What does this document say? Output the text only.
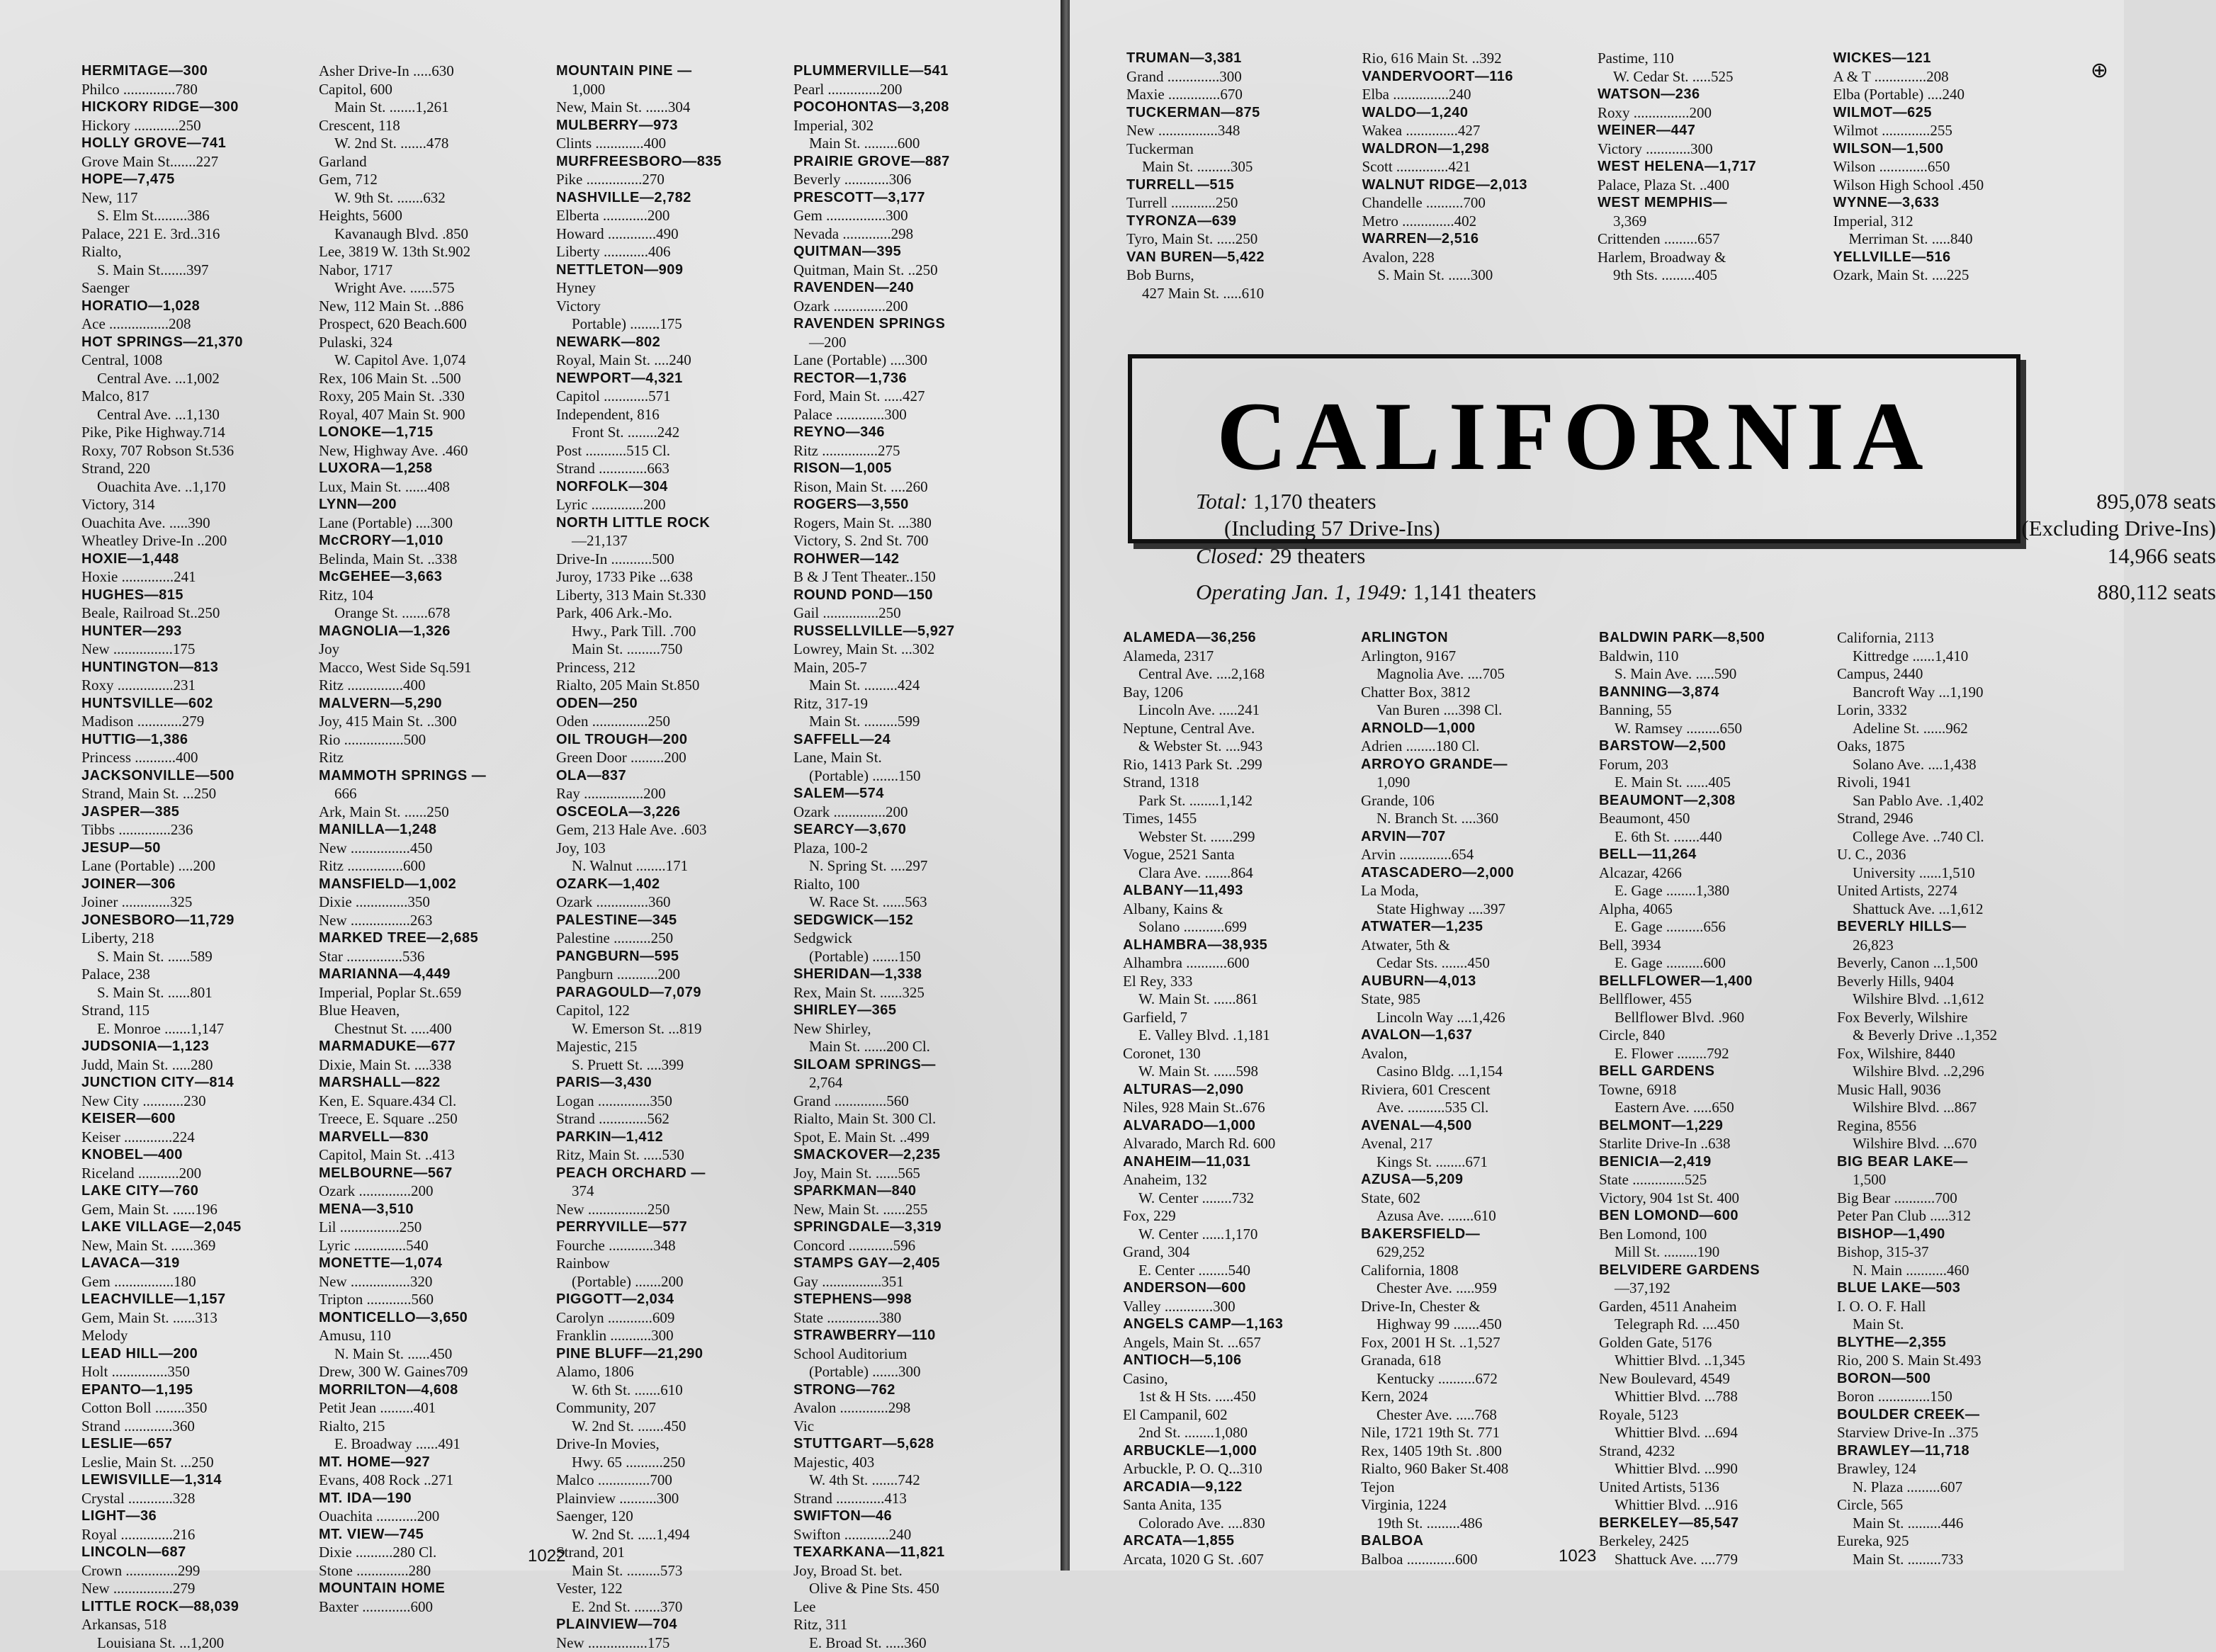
HERMITAGE—300
Philco ..............780
HICKORY RIDGE—300
Hickory ............250
HOLLY GROVE—741
Grove Main St.......227
HOPE—7,475
New, 117
S. Elm St.........386
Palace, 221 E. 3rd..316
Rialto,
S. Main St.......397
Saenger
HORATIO—1,028
Ace ................208
HOT SPRINGS—21,370
Central, 1008
Central Ave. ...1,002
Malco, 817
Central Ave. ...1,130
Pike, Pike Highway.714
Roxy, 707 Robson St.536
Strand, 220
Ouachita Ave. ..1,170
Victory, 314
Ouachita Ave. .....390
Wheatley Drive-In ..200
HOXIE—1,448
Hoxie ..............241
HUGHES—815
Beale, Railroad St..250
HUNTER—293
New ................175
HUNTINGTON—813
Roxy ...............231
HUNTSVILLE—602
Madison ............279
HUTTIG—1,386
Princess ...........400
JACKSONVILLE—500
Strand, Main St. ...250
JASPER—385
Tibbs ..............236
JESUP—50
Lane (Portable) ....200
JOINER—306
Joiner .............325
JONESBORO—11,729
Liberty, 218
S. Main St. ......589
Palace, 238
S. Main St. ......801
Strand, 115
E. Monroe .......1,147
JUDSONIA—1,123
Judd, Main St. .....280
JUNCTION CITY—814
New City ...........230
KEISER—600
Keiser .............224
KNOBEL—400
Riceland ...........200
LAKE CITY—760
Gem, Main St. ......196
LAKE VILLAGE—2,045
New, Main St. ......369
LAVACA—319
Gem ................180
LEACHVILLE—1,157
Gem, Main St. ......313
Melody
LEAD HILL—200
Holt ...............350
EPANTO—1,195
Cotton Boll ........350
Strand .............360
LESLIE—657
Leslie, Main St. ...250
LEWISVILLE—1,314
Crystal ............328
LIGHT—36
Royal ..............216
LINCOLN—687
Crown ..............299
New ................279
LITTLE ROCK—88,039
Arkansas, 518
Louisiana St. ...1,200
Asher Drive-In .....630
Capitol, 600
Main St. .......1,261
Crescent, 118
W. 2nd St. .......478
Garland
Gem, 712
W. 9th St. .......632
Heights, 5600
Kavanaugh Blvd. .850
Lee, 3819 W. 13th St.902
Nabor, 1717
Wright Ave. ......575
New, 112 Main St. ..886
Prospect, 620 Beach.600
Pulaski, 324
W. Capitol Ave. 1,074
Rex, 106 Main St. ..500
Roxy, 205 Main St. .330
Royal, 407 Main St. 900
LONOKE—1,715
New, Highway Ave. .460
LUXORA—1,258
Lux, Main St. ......408
LYNN—200
Lane (Portable) ....300
McCRORY—1,010
Belinda, Main St. ..338
McGEHEE—3,663
Ritz, 104
Orange St. .......678
MAGNOLIA—1,326
Joy
Macco, West Side Sq.591
Ritz ...............400
MALVERN—5,290
Joy, 415 Main St. ..300
Rio ................500
Ritz
MAMMOTH SPRINGS —
666
Ark, Main St. ......250
MANILLA—1,248
New ................450
Ritz ...............600
MANSFIELD—1,002
Dixie ..............350
New ................263
MARKED TREE—2,685
Star ...............536
MARIANNA—4,449
Imperial, Poplar St..659
Blue Heaven,
Chestnut St. .....400
MARMADUKE—677
Dixie, Main St. ....338
MARSHALL—822
Ken, E. Square.434 Cl.
Treece, E. Square ..250
MARVELL—830
Capitol, Main St. ..413
MELBOURNE—567
Ozark ..............200
MENA—3,510
Lil ................250
Lyric ..............540
MONETTE—1,074
New ................320
Tripton ............560
MONTICELLO—3,650
Amusu, 110
N. Main St. ......450
Drew, 300 W. Gaines709
MORRILTON—4,608
Petit Jean .........401
Rialto, 215
E. Broadway ......491
MT. HOME—927
Evans, 408 Rock ..271
MT. IDA—190
Ouachita ...........200
MT. VIEW—745
Dixie ..........280 Cl.
Stone ..............280
MOUNTAIN HOME
Baxter .............600
MOUNTAIN PINE —
1,000
New, Main St. ......304
MULBERRY—973
Clints .............400
MURFREESBORO—835
Pike ...............270
NASHVILLE—2,782
Elberta ............200
Howard .............490
Liberty ............406
NETTLETON—909
Hyney
Victory
Portable) ........175
NEWARK—802
Royal, Main St. ....240
NEWPORT—4,321
Capitol ............571
Independent, 816
Front St. ........242
Post ...........515 Cl.
Strand .............663
NORFOLK—304
Lyric ..............200
NORTH LITTLE ROCK
—21,137
Drive-In ...........500
Juroy, 1733 Pike ...638
Liberty, 313 Main St.330
Park, 406 Ark.-Mo.
Hwy., Park Till. .700
Main St. .........750
Princess, 212
Rialto, 205 Main St.850
ODEN—250
Oden ...............250
OIL TROUGH—200
Green Door .........200
OLA—837
Ray ................200
OSCEOLA—3,226
Gem, 213 Hale Ave. .603
Joy, 103
N. Walnut ........171
OZARK—1,402
Ozark ..............360
PALESTINE—345
Palestine ..........250
PANGBURN—595
Pangburn ...........200
PARAGOULD—7,079
Capitol, 122
W. Emerson St. ...819
Majestic, 215
S. Pruett St. ....399
PARIS—3,430
Logan ..............350
Strand .............562
PARKIN—1,412
Ritz, Main St. .....530
PEACH ORCHARD —
374
New ................250
PERRYVILLE—577
Fourche ............348
Rainbow
(Portable) .......200
PIGGOTT—2,034
Carolyn ............609
Franklin ...........300
PINE BLUFF—21,290
Alamo, 1806
W. 6th St. .......610
Community, 207
W. 2nd St. .......450
Drive-In Movies,
Hwy. 65 ..........250
Malco ..............700
Plainview ..........300
Saenger, 120
W. 2nd St. .....1,494
Strand, 201
Main St. .........573
Vester, 122
E. 2nd St. .......370
PLAINVIEW—704
New ................175
PLUMMERVILLE—541
Pearl ..............200
POCOHONTAS—3,208
Imperial, 302
Main St. .........600
PRAIRIE GROVE—887
Beverly ............306
PRESCOTT—3,177
Gem ................300
Nevada .............298
QUITMAN—395
Quitman, Main St. ..250
RAVENDEN—240
Ozark ..............200
RAVENDEN SPRINGS
—200
Lane (Portable) ....300
RECTOR—1,736
Ford, Main St. .....427
Palace .............300
REYNO—346
Ritz ...............275
RISON—1,005
Rison, Main St. ....260
ROGERS—3,550
Rogers, Main St. ...380
Victory, S. 2nd St. 700
ROHWER—142
B & J Tent Theater..150
ROUND POND—150
Gail ...............250
RUSSELLVILLE—5,927
Lowrey, Main St. ...302
Main, 205-7
Main St. .........424
Ritz, 317-19
Main St. .........599
SAFFELL—24
Lane, Main St.
(Portable) .......150
SALEM—574
Ozark ..............200
SEARCY—3,670
Plaza, 100-2
N. Spring St. ....297
Rialto, 100
W. Race St. ......563
SEDGWICK—152
Sedgwick
(Portable) .......150
SHERIDAN—1,338
Rex, Main St. ......325
SHIRLEY—365
New Shirley,
Main St. ......200 Cl.
SILOAM SPRINGS—
2,764
Grand ..............560
Rialto, Main St. 300 Cl.
Spot, E. Main St. ..499
SMACKOVER—2,235
Joy, Main St. ......565
SPARKMAN—840
New, Main St. ......255
SPRINGDALE—3,319
Concord ............596
STAMPS GAY—2,405
Gay ................351
STEPHENS—998
State ..............380
STRAWBERRY—110
School Auditorium
(Portable) .......300
STRONG—762
Avalon .............298
Vic
STUTTGART—5,628
Majestic, 403
W. 4th St. .......742
Strand .............413
SWIFTON—46
Swifton ............240
TEXARKANA—11,821
Joy, Broad St. bet.
Olive & Pine Sts. 450
Lee
Ritz, 311
E. Broad St. .....360
1022
⊕
TRUMAN—3,381
Grand ..............300
Maxie ..............670
TUCKERMAN—875
New ................348
Tuckerman
Main St. .........305
TURRELL—515
Turrell ............250
TYRONZA—639
Tyro, Main St. .....250
VAN BUREN—5,422
Bob Burns,
427 Main St. .....610
Rio, 616 Main St. ..392
VANDERVOORT—116
Elba ...............240
WALDO—1,240
Wakea ..............427
WALDRON—1,298
Scott ..............421
WALNUT RIDGE—2,013
Chandelle ..........700
Metro ..............402
WARREN—2,516
Avalon, 228
S. Main St. ......300
Pastime, 110
W. Cedar St. .....525
WATSON—236
Roxy ...............200
WEINER—447
Victory ............300
WEST HELENA—1,717
Palace, Plaza St. ..400
WEST MEMPHIS—
3,369
Crittenden .........657
Harlem, Broadway &
9th Sts. .........405
WICKES—121
A & T ..............208
Elba (Portable) ....240
WILMOT—625
Wilmot .............255
WILSON—1,500
Wilson .............650
Wilson High School .450
WYNNE—3,633
Imperial, 312
Merriman St. .....840
YELLVILLE—516
Ozark, Main St. ....225
CALIFORNIA
Total: 1,170 theaters	895,078 seats
(Including 57 Drive-Ins)	(Excluding Drive-Ins)
Closed: 29 theaters	14,966 seats
Operating Jan. 1, 1949: 1,141 theaters	880,112 seats
ALAMEDA—36,256
Alameda, 2317
Central Ave. ....2,168
Bay, 1206
Lincoln Ave. .....241
Neptune, Central Ave.
& Webster St. ....943
Rio, 1413 Park St. .299
Strand, 1318
Park St. ........1,142
Times, 1455
Webster St. ......299
Vogue, 2521 Santa
Clara Ave. .......864
ALBANY—11,493
Albany, Kains &
Solano ...........699
ALHAMBRA—38,935
Alhambra ...........600
El Rey, 333
W. Main St. ......861
Garfield, 7
E. Valley Blvd. .1,181
Coronet, 130
W. Main St. ......598
ALTURAS—2,090
Niles, 928 Main St..676
ALVARADO—1,000
Alvarado, March Rd. 600
ANAHEIM—11,031
Anaheim, 132
W. Center ........732
Fox, 229
W. Center ......1,170
Grand, 304
E. Center ........540
ANDERSON—600
Valley .............300
ANGELS CAMP—1,163
Angels, Main St. ...657
ANTIOCH—5,106
Casino,
1st & H Sts. .....450
El Campanil, 602
2nd St. ........1,080
ARBUCKLE—1,000
Arbuckle, P. O. Q...310
ARCADIA—9,122
Santa Anita, 135
Colorado Ave. ....830
ARCATA—1,855
Arcata, 1020 G St. .607
ARLINGTON
Arlington, 9167
Magnolia Ave. ....705
Chatter Box, 3812
Van Buren ....398 Cl.
ARNOLD—1,000
Adrien ........180 Cl.
ARROYO GRANDE—
1,090
Grande, 106
N. Branch St. ....360
ARVIN—707
Arvin ..............654
ATASCADERO—2,000
La Moda,
State Highway ....397
ATWATER—1,235
Atwater, 5th &
Cedar Sts. .......450
AUBURN—4,013
State, 985
Lincoln Way ....1,426
AVALON—1,637
Avalon,
Casino Bldg. ...1,154
Riviera, 601 Crescent
Ave. ..........535 Cl.
AVENAL—4,500
Avenal, 217
Kings St. ........671
AZUSA—5,209
State, 602
Azusa Ave. .......610
BAKERSFIELD—
629,252
California, 1808
Chester Ave. .....959
Drive-In, Chester &
Highway 99 .......450
Fox, 2001 H St. ..1,527
Granada, 618
Kentucky ..........672
Kern, 2024
Chester Ave. .....768
Nile, 1721 19th St. 771
Rex, 1405 19th St. .800
Rialto, 960 Baker St.408
Tejon
Virginia, 1224
19th St. .........486
BALBOA
Balboa .............600
BALDWIN PARK—8,500
Baldwin, 110
S. Main Ave. .....590
BANNING—3,874
Banning, 55
W. Ramsey .........650
BARSTOW—2,500
Forum, 203
E. Main St. ......405
BEAUMONT—2,308
Beaumont, 450
E. 6th St. .......440
BELL—11,264
Alcazar, 4266
E. Gage ........1,380
Alpha, 4065
E. Gage ..........656
Bell, 3934
E. Gage ..........600
BELLFLOWER—1,400
Bellflower, 455
Bellflower Blvd. .960
Circle, 840
E. Flower ........792
BELL GARDENS
Towne, 6918
Eastern Ave. .....650
BELMONT—1,229
Starlite Drive-In ..638
BENICIA—2,419
State ..............525
Victory, 904 1st St. 400
BEN LOMOND—600
Ben Lomond, 100
Mill St. .........190
BELVIDERE GARDENS
—37,192
Garden, 4511 Anaheim
Telegraph Rd. ....450
Golden Gate, 5176
Whittier Blvd. ..1,345
New Boulevard, 4549
Whittier Blvd. ...788
Royale, 5123
Whittier Blvd. ...694
Strand, 4232
Whittier Blvd. ...990
United Artists, 5136
Whittier Blvd. ...916
BERKELEY—85,547
Berkeley, 2425
Shattuck Ave. ....779
California, 2113
Kittredge ......1,410
Campus, 2440
Bancroft Way ...1,190
Lorin, 3332
Adeline St. ......962
Oaks, 1875
Solano Ave. ....1,438
Rivoli, 1941
San Pablo Ave. .1,402
Strand, 2946
College Ave. ..740 Cl.
U. C., 2036
University ......1,510
United Artists, 2274
Shattuck Ave. ...1,612
BEVERLY HILLS—
26,823
Beverly, Canon ...1,500
Beverly Hills, 9404
Wilshire Blvd. ..1,612
Fox Beverly, Wilshire
& Beverly Drive ..1,352
Fox, Wilshire, 8440
Wilshire Blvd. ..2,296
Music Hall, 9036
Wilshire Blvd. ...867
Regina, 8556
Wilshire Blvd. ...670
BIG BEAR LAKE—
1,500
Big Bear ...........700
Peter Pan Club .....312
BISHOP—1,490
Bishop, 315-37
N. Main ...........460
BLUE LAKE—503
I. O. O. F. Hall
Main St.
BLYTHE—2,355
Rio, 200 S. Main St.493
BORON—500
Boron ..............150
BOULDER CREEK—
Starview Drive-In ..375
BRAWLEY—11,718
Brawley, 124
N. Plaza .........607
Circle, 565
Main St. .........446
Eureka, 925
Main St. .........733
1023
